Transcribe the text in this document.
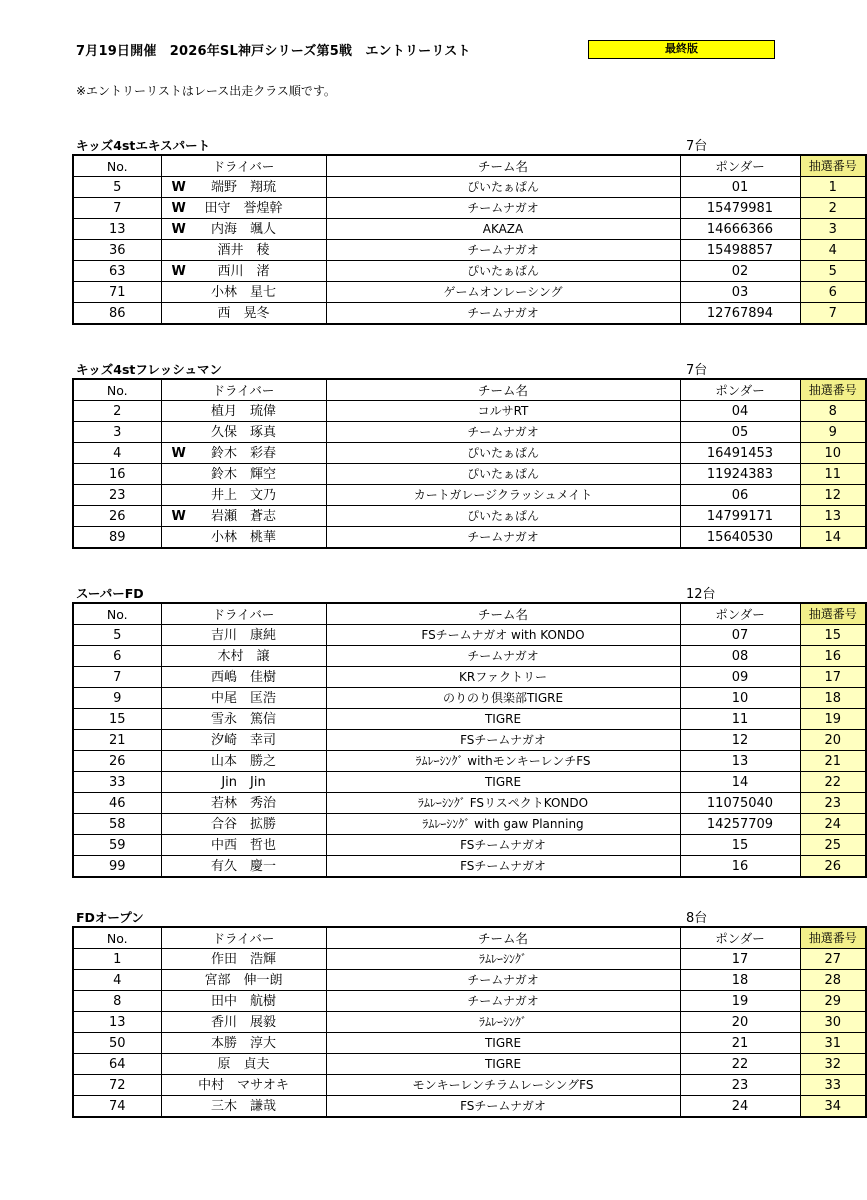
7月19日開催　2026年SL神戸シリーズ第5戦　エントリーリスト	最終版
※エントリーリストはレース出走クラス順です。
キッズ4stエキスパート	7台
No.	ドライバー	チーム名	ポンダー	抽選番号
5	W 端野　翔琉	ぴいたぁぱん	01	1
7	W 田守　誉煌幹	チームナガオ	15479981	2
13	W 内海　颯人	AKAZA	14666366	3
36	酒井　稜	チームナガオ	15498857	4
63	W 西川　渚	ぴいたぁぱん	02	5
71	小林　星七	ゲームオンレーシング	03	6
86	西　晃冬	チームナガオ	12767894	7
キッズ4stフレッシュマン	7台
No.	ドライバー	チーム名	ポンダー	抽選番号
2	植月　琉偉	コルサRT	04	8
3	久保　琢真	チームナガオ	05	9
4	W 鈴木　彩春	ぴいたぁぱん	16491453	10
16	鈴木　輝空	ぴいたぁぱん	11924383	11
23	井上　文乃	カートガレージクラッシュメイト	06	12
26	W 岩瀬　蒼志	ぴいたぁぱん	14799171	13
89	小林　桃華	チームナガオ	15640530	14
スーパーFD	12台
No.	ドライバー	チーム名	ポンダー	抽選番号
5	吉川　康純	FSチームナガオ with KONDO	07	15
6	木村　譲	チームナガオ	08	16
7	西嶋　佳樹	KRファクトリー	09	17
9	中尾　匡浩	のりのり倶楽部TIGRE	10	18
15	雪永　篤信	TIGRE	11	19
21	汐崎　幸司	FSチームナガオ	12	20
26	山本　勝之	ﾗﾑﾚｰｼﾝｸﾞ withモンキーレンチFS	13	21
33	Jin　Jin	TIGRE	14	22
46	若林　秀治	ﾗﾑﾚｰｼﾝｸﾞ FSリスペクトKONDO	11075040	23
58	合谷　拡勝	ﾗﾑﾚｰｼﾝｸﾞ with gaw Planning	14257709	24
59	中西　哲也	FSチームナガオ	15	25
99	有久　慶一	FSチームナガオ	16	26
FDオープン	8台
No.	ドライバー	チーム名	ポンダー	抽選番号
1	作田　浩輝	ﾗﾑﾚｰｼﾝｸﾞ	17	27
4	宮部　伸一朗	チームナガオ	18	28
8	田中　航樹	チームナガオ	19	29
13	香川　展毅	ﾗﾑﾚｰｼﾝｸﾞ	20	30
50	本勝　淳大	TIGRE	21	31
64	原　貞夫	TIGRE	22	32
72	中村　マサオキ	モンキーレンチラムレーシングFS	23	33
74	三木　謙哉	FSチームナガオ	24	34
